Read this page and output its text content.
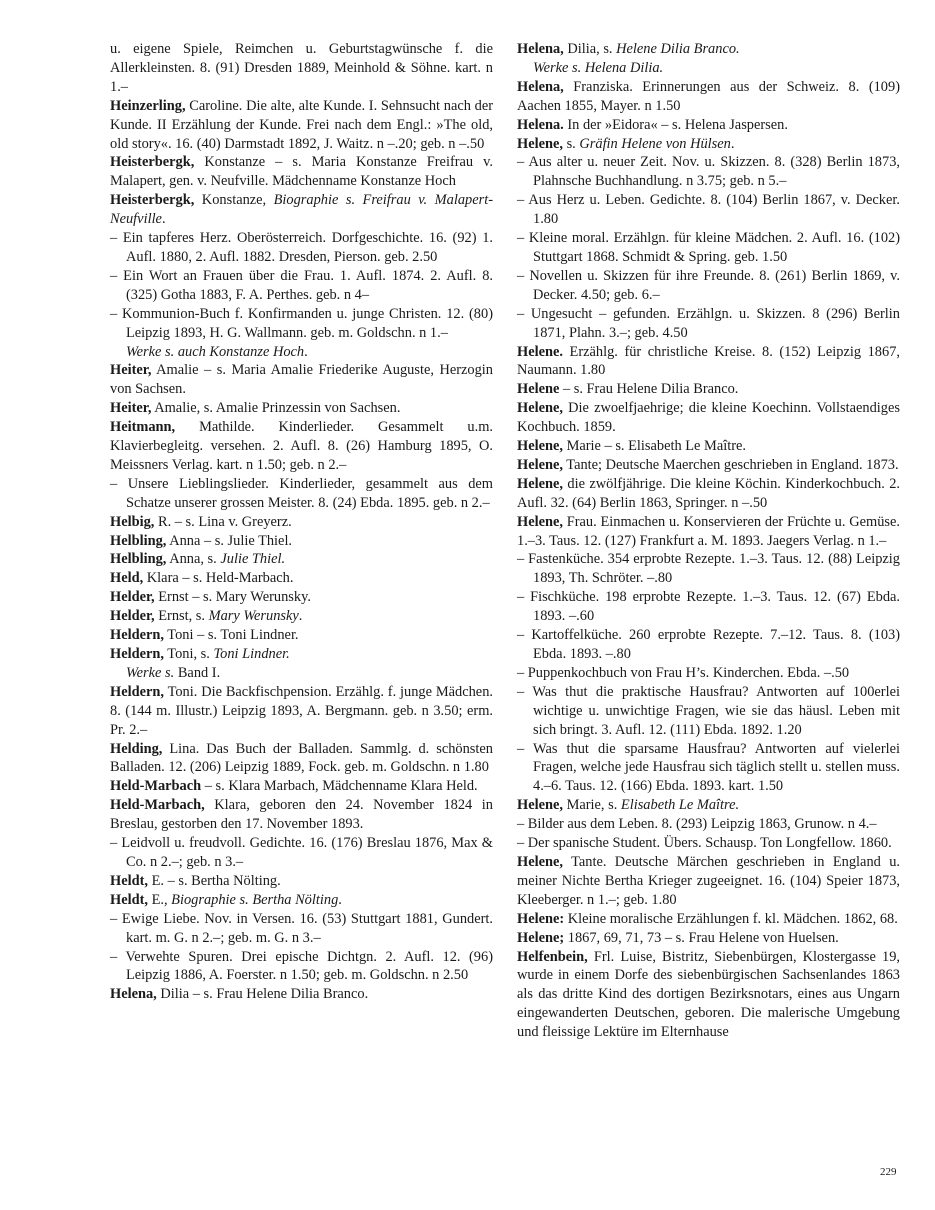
u. eigene Spiele, Reimchen u. Geburtstagwünsche f. die Allerkleinsten. 8. (91) Dresden 1889, Meinhold & Söhne. kart. n 1.–

Heinzerling, Caroline. Die alte, alte Kunde. I. Sehnsucht nach der Kunde. II Erzählung der Kunde. Frei nach dem Engl.: »The old, old story«. 16. (40) Darmstadt 1892, J. Waitz. n –.20; geb. n –.50

Heisterbergk, Konstanze – s. Maria Konstanze Freifrau v. Malapert, gen. v. Neufville. Mädchenname Konstanze Hoch

Heisterbergk, Konstanze, Biographie s. Freifrau v. Malapert-Neufville.

– Ein tapferes Herz. Oberösterreich. Dorfgeschichte. 16. (92) 1. Aufl. 1880, 2. Aufl. 1882. Dresden, Pierson. geb. 2.50

– Ein Wort an Frauen über die Frau. 1. Aufl. 1874. 2. Aufl. 8. (325) Gotha 1883, F. A. Perthes. geb. n 4–

– Kommunion-Buch f. Konfirmanden u. junge Christen. 12. (80) Leipzig 1893, H. G. Wallmann. geb. m. Goldschn. n 1.–

Werke s. auch Konstanze Hoch.

Heiter, Amalie – s. Maria Amalie Friederike Auguste, Herzogin von Sachsen.

Heiter, Amalie, s. Amalie Prinzessin von Sachsen.

Heitmann, Mathilde. Kinderlieder. Gesammelt u.m. Klavierbegleitg. versehen. 2. Aufl. 8. (26) Hamburg 1895, O. Meissners Verlag. kart. n 1.50; geb. n 2.–

– Unsere Lieblingslieder. Kinderlieder, gesammelt aus dem Schatze unserer grossen Meister. 8. (24) Ebda. 1895. geb. n 2.–

Helbig, R. – s. Lina v. Greyerz.

Helbling, Anna – s. Julie Thiel.

Helbling, Anna, s. Julie Thiel.

Held, Klara – s. Held-Marbach.

Helder, Ernst – s. Mary Werunsky.

Helder, Ernst, s. Mary Werunsky.

Heldern, Toni – s. Toni Lindner.

Heldern, Toni, s. Toni Lindner.

Werke s. Band I.

Heldern, Toni. Die Backfischpension. Erzählg. f. junge Mädchen. 8. (144 m. Illustr.) Leipzig 1893, A. Bergmann. geb. n 3.50; erm. Pr. 2.–

Helding, Lina. Das Buch der Balladen. Sammlg. d. schönsten Balladen. 12. (206) Leipzig 1889, Fock. geb. m. Goldschn. n 1.80

Held-Marbach – s. Klara Marbach, Mädchenname Klara Held.

Held-Marbach, Klara, geboren den 24. November 1824 in Breslau, gestorben den 17. November 1893.

– Leidvoll u. freudvoll. Gedichte. 16. (176) Breslau 1876, Max & Co. n 2.–; geb. n 3.–

Heldt, E. – s. Bertha Nölting.

Heldt, E., Biographie s. Bertha Nölting.

– Ewige Liebe. Nov. in Versen. 16. (53) Stuttgart 1881, Gundert. kart. m. G. n 2.–; geb. m. G. n 3.–

– Verwehte Spuren. Drei epische Dichtgn. 2. Aufl. 12. (96) Leipzig 1886, A. Foerster. n 1.50; geb. m. Goldschn. n 2.50

Helena, Dilia – s. Frau Helene Dilia Branco.

Helena, Dilia, s. Helene Dilia Branco.

Werke s. Helena Dilia.

Helena, Franziska. Erinnerungen aus der Schweiz. 8. (109) Aachen 1855, Mayer. n 1.50

Helena. In der »Eidora« – s. Helena Jaspersen.

Helene, s. Gräfin Helene von Hülsen.

– Aus alter u. neuer Zeit. Nov. u. Skizzen. 8. (328) Berlin 1873, Plahnsche Buchhandlung. n 3.75; geb. n 5.–

– Aus Herz u. Leben. Gedichte. 8. (104) Berlin 1867, v. Decker. 1.80

– Kleine moral. Erzählgn. für kleine Mädchen. 2. Aufl. 16. (102) Stuttgart 1868. Schmidt & Spring. geb. 1.50

– Novellen u. Skizzen für ihre Freunde. 8. (261) Berlin 1869, v. Decker. 4.50; geb. 6.–

– Ungesucht – gefunden. Erzählgn. u. Skizzen. 8 (296) Berlin 1871, Plahn. 3.–; geb. 4.50

Helene. Erzählg. für christliche Kreise. 8. (152) Leipzig 1867, Naumann. 1.80

Helene – s. Frau Helene Dilia Branco.

Helene, Die zwoelfjaehrige; die kleine Koechinn. Vollstaendiges Kochbuch. 1859.

Helene, Marie – s. Elisabeth Le Maître.

Helene, Tante; Deutsche Maerchen geschrieben in England. 1873.

Helene, die zwölfjährige. Die kleine Köchin. Kinderkochbuch. 2. Aufl. 32. (64) Berlin 1863, Springer. n –.50

Helene, Frau. Einmachen u. Konservieren der Früchte u. Gemüse. 1.–3. Taus. 12. (127) Frankfurt a. M. 1893. Jaegers Verlag. n 1.–

– Fastenküche. 354 erprobte Rezepte. 1.–3. Taus. 12. (88) Leipzig 1893, Th. Schröter. –.80

– Fischküche. 198 erprobte Rezepte. 1.–3. Taus. 12. (67) Ebda. 1893. –.60

– Kartoffelküche. 260 erprobte Rezepte. 7.–12. Taus. 8. (103) Ebda. 1893. –.80

– Puppenkochbuch von Frau H’s. Kinderchen. Ebda. –.50

– Was thut die praktische Hausfrau? Antworten auf 100erlei wichtige u. unwichtige Fragen, wie sie das häusl. Leben mit sich bringt. 3. Aufl. 12. (111) Ebda. 1892. 1.20

– Was thut die sparsame Hausfrau? Antworten auf vielerlei Fragen, welche jede Hausfrau sich täglich stellt u. stellen muss. 4.–6. Taus. 12. (166) Ebda. 1893. kart. 1.50

Helene, Marie, s. Elisabeth Le Maître.

– Bilder aus dem Leben. 8. (293) Leipzig 1863, Grunow. n 4.–

– Der spanische Student. Übers. Schausp. Ton Longfellow. 1860.

Helene, Tante. Deutsche Märchen geschrieben in England u. meiner Nichte Bertha Krieger zugeeignet. 16. (104) Speier 1873, Kleeberger. n 1.–; geb. 1.80

Helene: Kleine moralische Erzählungen f. kl. Mädchen. 1862, 68.

Helene; 1867, 69, 71, 73 – s. Frau Helene von Huelsen.

Helfenbein, Frl. Luise, Bistritz, Siebenbürgen, Klostergasse 19, wurde in einem Dorfe des siebenbürgischen Sachsenlandes 1863 als das dritte Kind des dortigen Bezirksnotars, eines aus Ungarn eingewanderten Deutschen, geboren. Die malerische Umgebung und fleissige Lektüre im Elternhause

229
